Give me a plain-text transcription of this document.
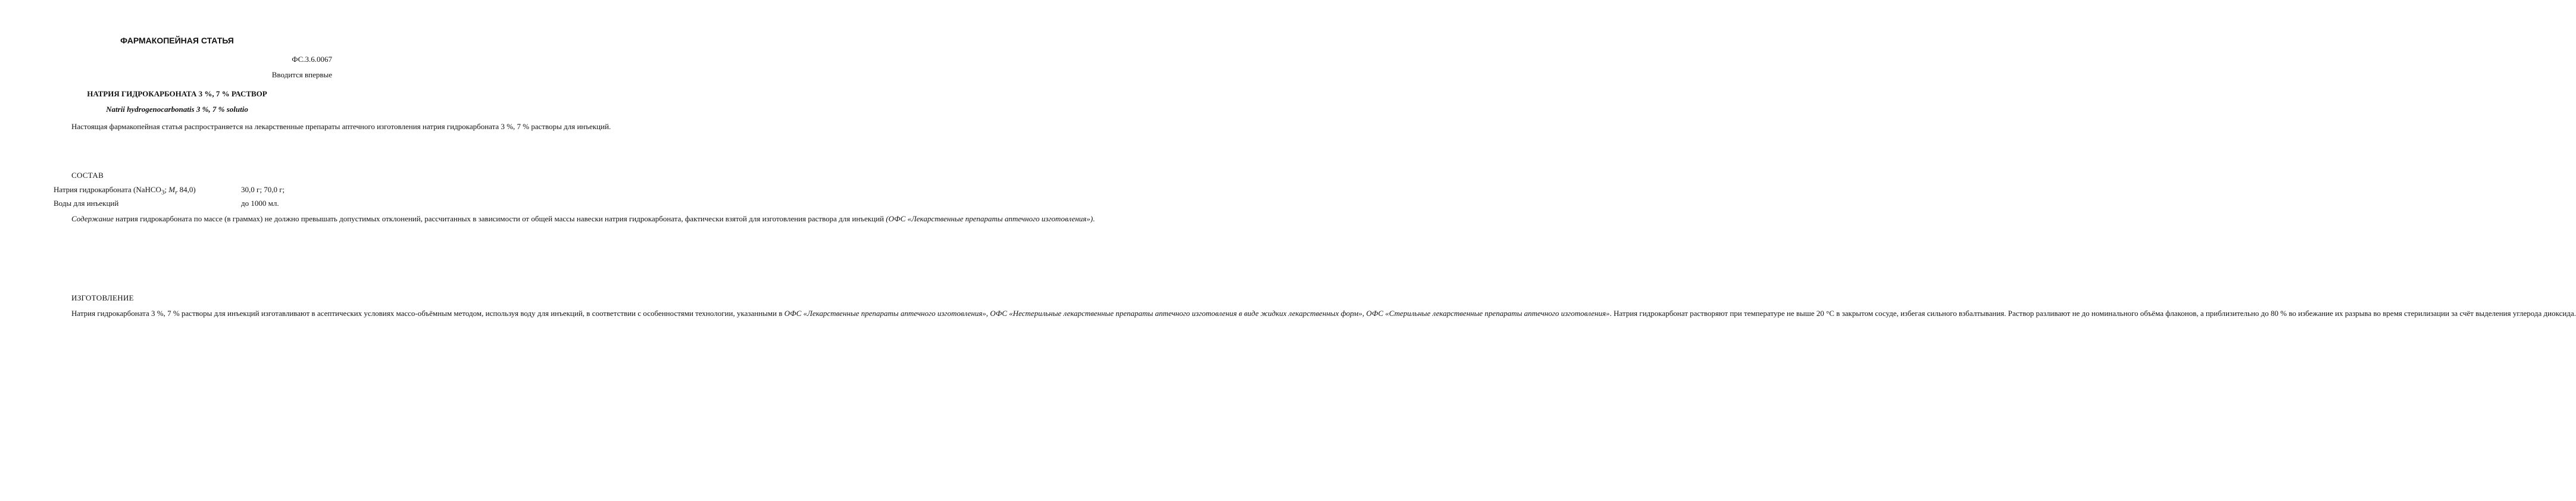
ФАРМАКОПЕЙНАЯ СТАТЬЯ
ФС.3.6.0067
Вводится впервые
НАТРИЯ ГИДРОКАРБОНАТА 3 %, 7 % РАСТВОР
Natrii hydrogenocarbonatis 3 %, 7 % solutio

Настоящая фармакопейная статья распространяется на лекарственные препараты аптечного изготовления натрия гидрокарбоната 3 %, 7 % растворы для инъекций.

СОСТАВ
Натрия гидрокарбоната (NaHCO$_3$; $M_r$ 84,0)	30,0 г; 70,0 г;
Воды для инъекций	до 1000 мл.

Содержание натрия гидрокарбоната по массе (в граммах) не должно превышать допустимых отклонений, рассчитанных в зависимости от общей массы навески натрия гидрокарбоната, фактически взятой для изготовления раствора для инъекций (ОФС «Лекарственные препараты аптечного изготовления»).

ИЗГОТОВЛЕНИЕ

Натрия гидрокарбоната 3 %, 7 % растворы для инъекций изготавливают в асептических условиях массо-объёмным методом, используя воду для инъекций, в соответствии с особенностями технологии, указанными в ОФС «Лекарственные препараты аптечного изготовления», ОФС «Нестерильные лекарственные препараты аптечного изготовления в виде жидких лекарственных форм», ОФС «Стерильные лекарственные препараты аптечного изготовления». Натрия гидрокарбонат растворяют при температуре не выше 20 °C в закрытом сосуде, избегая сильного взбалтывания. Раствор разливают не до номинального объёма флаконов, а приблизительно до 80 % во избежание их разрыва во время стерилизации за счёт выделения углерода диоксида.
